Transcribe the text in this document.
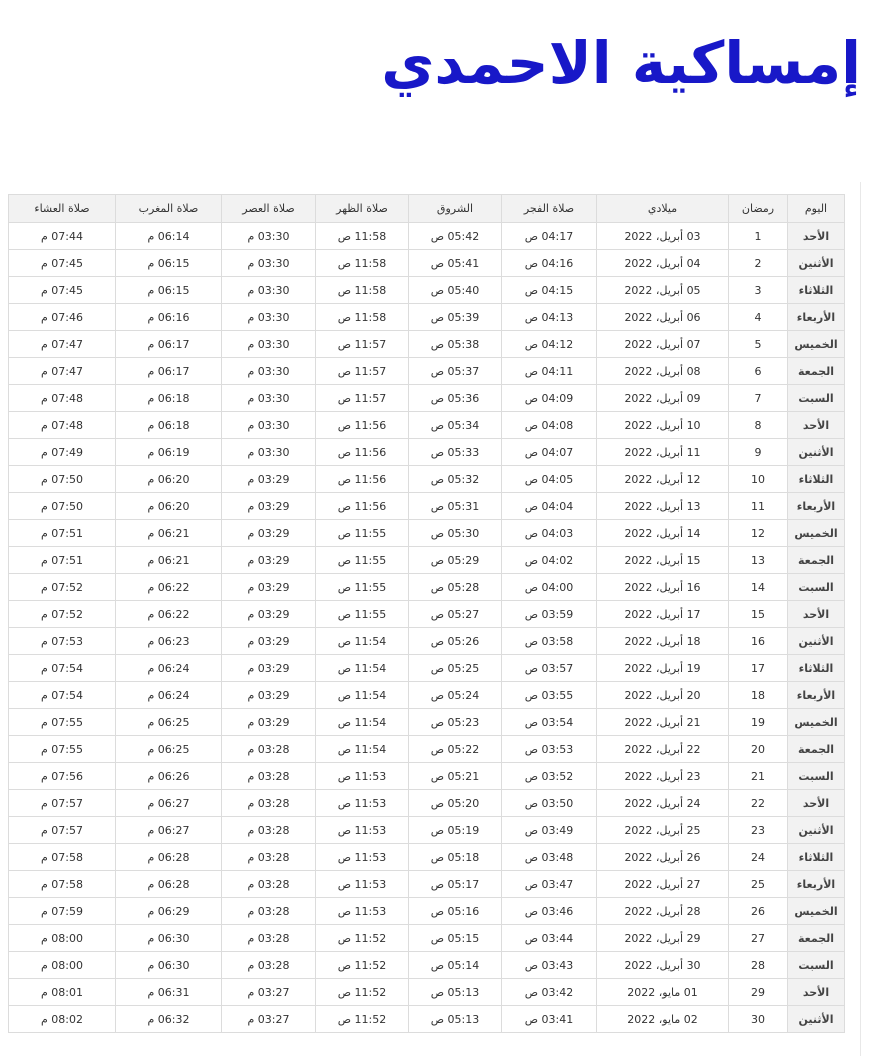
إمساكية الاحمدي
اليوم	رمضان	ميلادي	صلاة الفجر	الشروق	صلاة الظهر	صلاة العصر	صلاة المغرب	صلاة العشاء
الأحد	1	03 أبريل، 2022	04:17 ص	05:42 ص	11:58 ص	03:30 م	06:14 م	07:44 م
الأثنين	2	04 أبريل، 2022	04:16 ص	05:41 ص	11:58 ص	03:30 م	06:15 م	07:45 م
الثلاثاء	3	05 أبريل، 2022	04:15 ص	05:40 ص	11:58 ص	03:30 م	06:15 م	07:45 م
الأربعاء	4	06 أبريل، 2022	04:13 ص	05:39 ص	11:58 ص	03:30 م	06:16 م	07:46 م
الخميس	5	07 أبريل، 2022	04:12 ص	05:38 ص	11:57 ص	03:30 م	06:17 م	07:47 م
الجمعة	6	08 أبريل، 2022	04:11 ص	05:37 ص	11:57 ص	03:30 م	06:17 م	07:47 م
السبت	7	09 أبريل، 2022	04:09 ص	05:36 ص	11:57 ص	03:30 م	06:18 م	07:48 م
الأحد	8	10 أبريل، 2022	04:08 ص	05:34 ص	11:56 ص	03:30 م	06:18 م	07:48 م
الأثنين	9	11 أبريل، 2022	04:07 ص	05:33 ص	11:56 ص	03:30 م	06:19 م	07:49 م
الثلاثاء	10	12 أبريل، 2022	04:05 ص	05:32 ص	11:56 ص	03:29 م	06:20 م	07:50 م
الأربعاء	11	13 أبريل، 2022	04:04 ص	05:31 ص	11:56 ص	03:29 م	06:20 م	07:50 م
الخميس	12	14 أبريل، 2022	04:03 ص	05:30 ص	11:55 ص	03:29 م	06:21 م	07:51 م
الجمعة	13	15 أبريل، 2022	04:02 ص	05:29 ص	11:55 ص	03:29 م	06:21 م	07:51 م
السبت	14	16 أبريل، 2022	04:00 ص	05:28 ص	11:55 ص	03:29 م	06:22 م	07:52 م
الأحد	15	17 أبريل، 2022	03:59 ص	05:27 ص	11:55 ص	03:29 م	06:22 م	07:52 م
الأثنين	16	18 أبريل، 2022	03:58 ص	05:26 ص	11:54 ص	03:29 م	06:23 م	07:53 م
الثلاثاء	17	19 أبريل، 2022	03:57 ص	05:25 ص	11:54 ص	03:29 م	06:24 م	07:54 م
الأربعاء	18	20 أبريل، 2022	03:55 ص	05:24 ص	11:54 ص	03:29 م	06:24 م	07:54 م
الخميس	19	21 أبريل، 2022	03:54 ص	05:23 ص	11:54 ص	03:29 م	06:25 م	07:55 م
الجمعة	20	22 أبريل، 2022	03:53 ص	05:22 ص	11:54 ص	03:28 م	06:25 م	07:55 م
السبت	21	23 أبريل، 2022	03:52 ص	05:21 ص	11:53 ص	03:28 م	06:26 م	07:56 م
الأحد	22	24 أبريل، 2022	03:50 ص	05:20 ص	11:53 ص	03:28 م	06:27 م	07:57 م
الأثنين	23	25 أبريل، 2022	03:49 ص	05:19 ص	11:53 ص	03:28 م	06:27 م	07:57 م
الثلاثاء	24	26 أبريل، 2022	03:48 ص	05:18 ص	11:53 ص	03:28 م	06:28 م	07:58 م
الأربعاء	25	27 أبريل، 2022	03:47 ص	05:17 ص	11:53 ص	03:28 م	06:28 م	07:58 م
الخميس	26	28 أبريل، 2022	03:46 ص	05:16 ص	11:53 ص	03:28 م	06:29 م	07:59 م
الجمعة	27	29 أبريل، 2022	03:44 ص	05:15 ص	11:52 ص	03:28 م	06:30 م	08:00 م
السبت	28	30 أبريل، 2022	03:43 ص	05:14 ص	11:52 ص	03:28 م	06:30 م	08:00 م
الأحد	29	01 مايو، 2022	03:42 ص	05:13 ص	11:52 ص	03:27 م	06:31 م	08:01 م
الأثنين	30	02 مايو، 2022	03:41 ص	05:13 ص	11:52 ص	03:27 م	06:32 م	08:02 م
